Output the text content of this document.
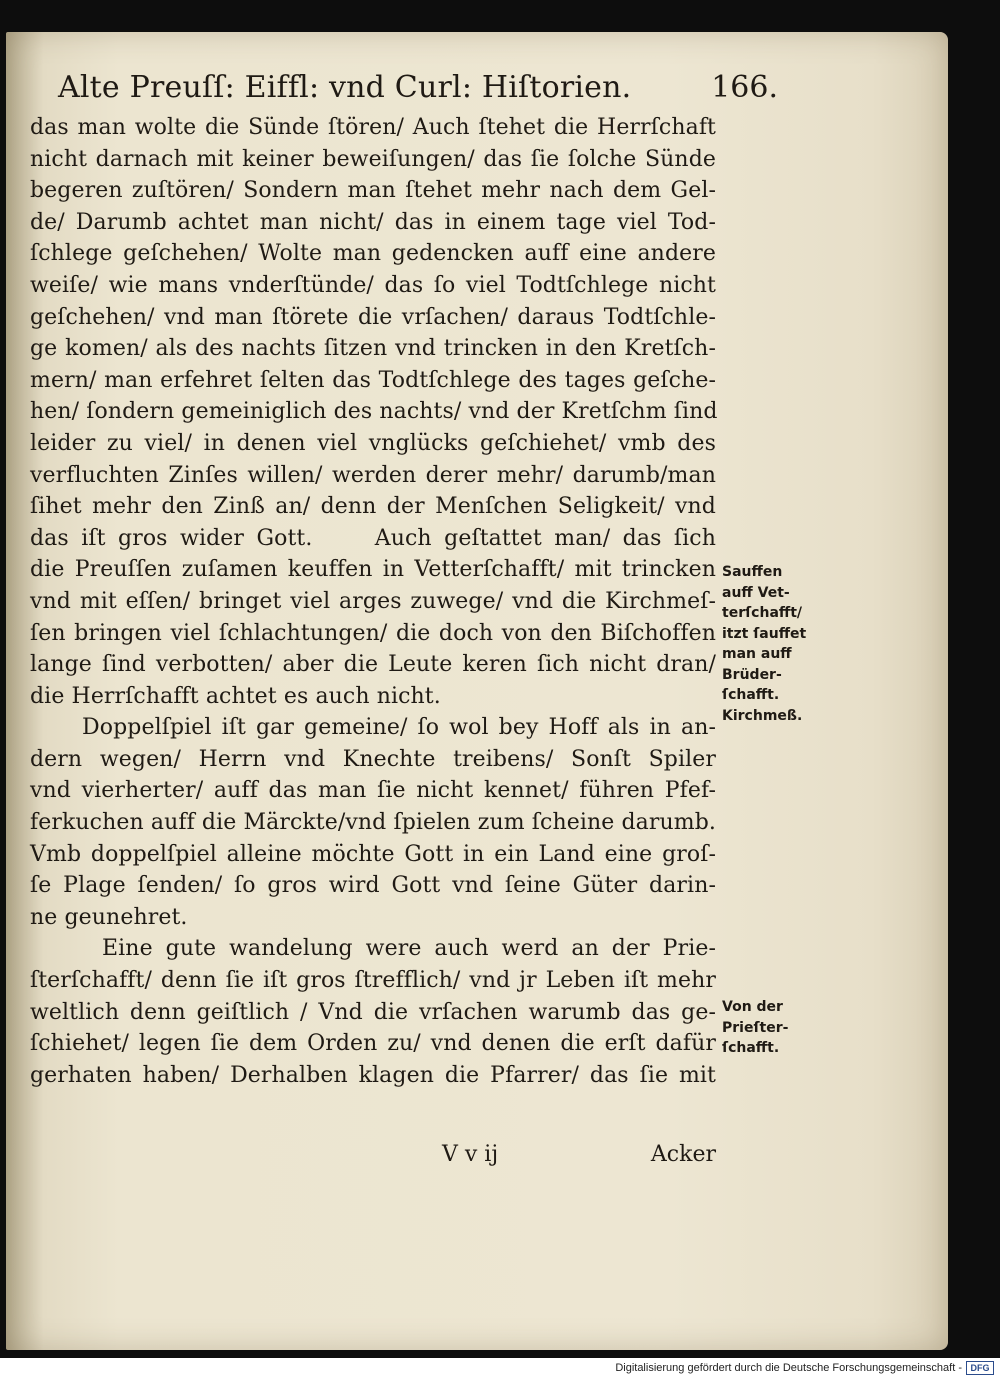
Alte Preuſſ: Eiffl: vnd Curl: Hiſtorien.	166.
das man wolte die Sünde ſtören/ Auch ſtehet die Herrſchaft
nicht darnach mit keiner beweiſungen/ das ſie ſolche Sünde
begeren zuſtören/ Sondern man ſtehet mehr nach dem Gel-
de/ Darumb achtet man nicht/ das in einem tage viel Tod-
ſchlege geſchehen/ Wolte man gedencken auff eine andere
weiſe/ wie mans vnderſtünde/ das ſo viel Todtſchlege nicht
geſchehen/ vnd man ſtörete die vrſachen/ daraus Todtſchle-
ge komen/ als des nachts ſitzen vnd trincken in den Kretſch-
mern/ man erfehret ſelten das Todtſchlege des tages geſche-
hen/ ſondern gemeiniglich des nachts/ vnd der Kretſchm ſind
leider zu viel/ in denen viel vnglücks geſchiehet/ vmb des
verfluchten Zinſes willen/ werden derer mehr/ darumb/man
ſihet mehr den Zinß an/ denn der Menſchen Seligkeit/ vnd
das iſt gros wider Gott.     Auch geſtattet man/ das ſich
die Preuſſen zuſamen keuffen in Vetterſchafft/ mit trincken
vnd mit eſſen/ bringet viel arges zuwege/ vnd die Kirchmeſ-
ſen bringen viel ſchlachtungen/ die doch von den Biſchoffen
lange ſind verbotten/ aber die Leute keren ſich nicht dran/
die Herrſchafft achtet es auch nicht.
Doppelſpiel iſt gar gemeine/ ſo wol bey Hoff als in an-
dern wegen/ Herrn vnd Knechte treibens/ Sonſt Spiler
vnd vierherter/ auff das man ſie nicht kennet/ führen Pfef-
ferkuchen auff die Märckte/vnd ſpielen zum ſcheine darumb.
Vmb doppelſpiel alleine möchte Gott in ein Land eine groſ-
ſe Plage ſenden/ ſo gros wird Gott vnd ſeine Güter darin-
ne geunehret.
Eine gute wandelung were auch werd an der Prie-
ſterſchafft/ denn ſie iſt gros ſtrefflich/ vnd jr Leben iſt mehr
weltlich denn geiſtlich / Vnd die vrſachen warumb das ge-
ſchiehet/ legen ſie dem Orden zu/ vnd denen die erſt dafür
gerhaten haben/ Derhalben klagen die Pfarrer/ das ſie mit
V v ij	Acker
Sauffen
auff Vet-
terſchafft/
itzt ſauffet
man auff
Brüder-
ſchafft.
Kirchmeß.
Von der
Prieſter-
ſchafft.
Digitalisierung gefördert durch die Deutsche Forschungsgemeinschaft - DFG
